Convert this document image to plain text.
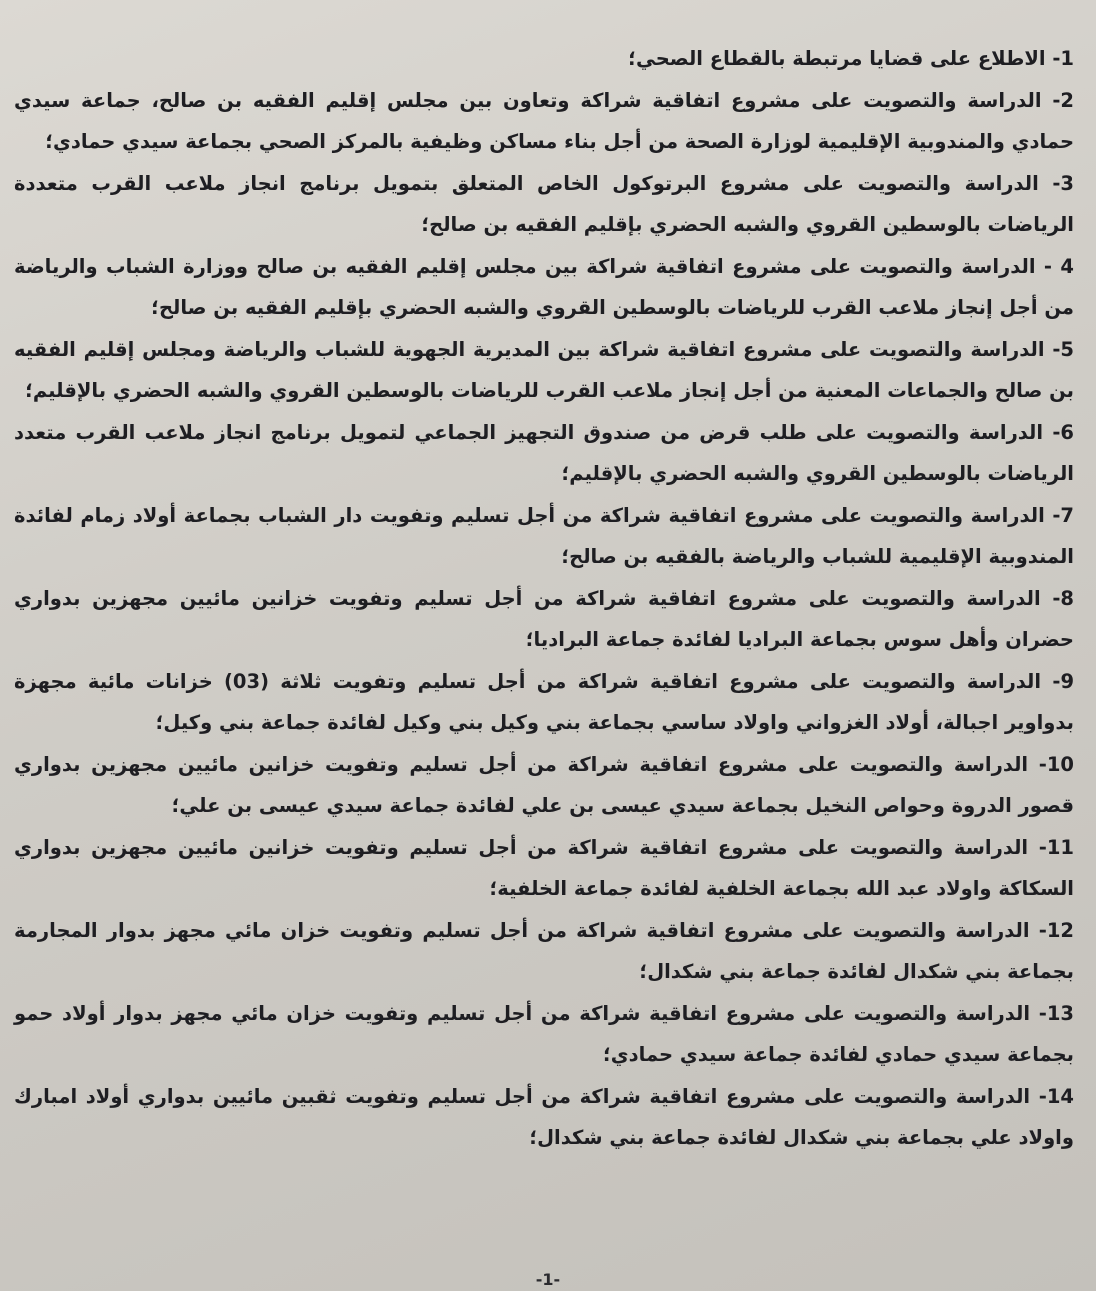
1- الاطلاع على قضايا مرتبطة بالقطاع الصحي؛

2- الدراسة والتصويت على مشروع اتفاقية شراكة وتعاون بين مجلس إقليم الفقيه بن صالح، جماعة سيدي حمادي والمندوبية الإقليمية لوزارة الصحة من أجل بناء مساكن وظيفية بالمركز الصحي بجماعة سيدي حمادي؛

3- الدراسة والتصويت على مشروع البرتوكول الخاص المتعلق بتمويل برنامج انجاز ملاعب القرب متعددة الرياضات بالوسطين القروي والشبه الحضري بإقليم الفقيه بن صالح؛

4 - الدراسة والتصويت على مشروع اتفاقية شراكة بين مجلس إقليم الفقيه بن صالح ووزارة الشباب والرياضة من أجل إنجاز ملاعب القرب للرياضات بالوسطين القروي والشبه الحضري بإقليم الفقيه بن صالح؛

5- الدراسة والتصويت على مشروع اتفاقية شراكة بين المديرية الجهوية للشباب والرياضة ومجلس إقليم الفقيه بن صالح والجماعات المعنية من أجل إنجاز ملاعب القرب للرياضات بالوسطين القروي والشبه الحضري بالإقليم؛

6- الدراسة والتصويت على طلب قرض من صندوق التجهيز الجماعي لتمويل برنامج انجاز ملاعب القرب متعدد الرياضات بالوسطين القروي والشبه الحضري بالإقليم؛

7- الدراسة والتصويت على مشروع اتفاقية شراكة من أجل تسليم وتفويت دار الشباب بجماعة أولاد زمام لفائدة المندوبية الإقليمية للشباب والرياضة بالفقيه بن صالح؛

8- الدراسة والتصويت على مشروع اتفاقية شراكة من أجل تسليم وتفويت خزانين مائيين مجهزين بدواري حضران وأهل سوس بجماعة البراديا لفائدة جماعة البراديا؛

9- الدراسة والتصويت على مشروع اتفاقية شراكة من أجل تسليم وتفويت ثلاثة (03) خزانات مائية مجهزة بدواوير اجبالة، أولاد الغزواني واولاد ساسي بجماعة بني وكيل بني وكيل لفائدة جماعة بني وكيل؛

10- الدراسة والتصويت على مشروع اتفاقية شراكة من أجل تسليم وتفويت خزانين مائيين مجهزين بدواري قصور الدروة وحواص النخيل بجماعة سيدي عيسى بن علي لفائدة جماعة سيدي عيسى بن علي؛

11- الدراسة والتصويت على مشروع اتفاقية شراكة من أجل تسليم وتفويت خزانين مائيين مجهزين بدواري السكاكة واولاد عبد الله بجماعة الخلفية لفائدة جماعة الخلفية؛

12- الدراسة والتصويت على مشروع اتفاقية شراكة من أجل تسليم وتفويت خزان مائي مجهز بدوار المجارمة بجماعة بني شكدال لفائدة جماعة بني شكدال؛

13- الدراسة والتصويت على مشروع اتفاقية شراكة من أجل تسليم وتفويت خزان مائي مجهز بدوار أولاد حمو بجماعة سيدي حمادي لفائدة جماعة سيدي حمادي؛

14- الدراسة والتصويت على مشروع اتفاقية شراكة من أجل تسليم وتفويت ثقبين مائيين بدواري أولاد امبارك واولاد علي بجماعة بني شكدال لفائدة جماعة بني شكدال؛

-1-
